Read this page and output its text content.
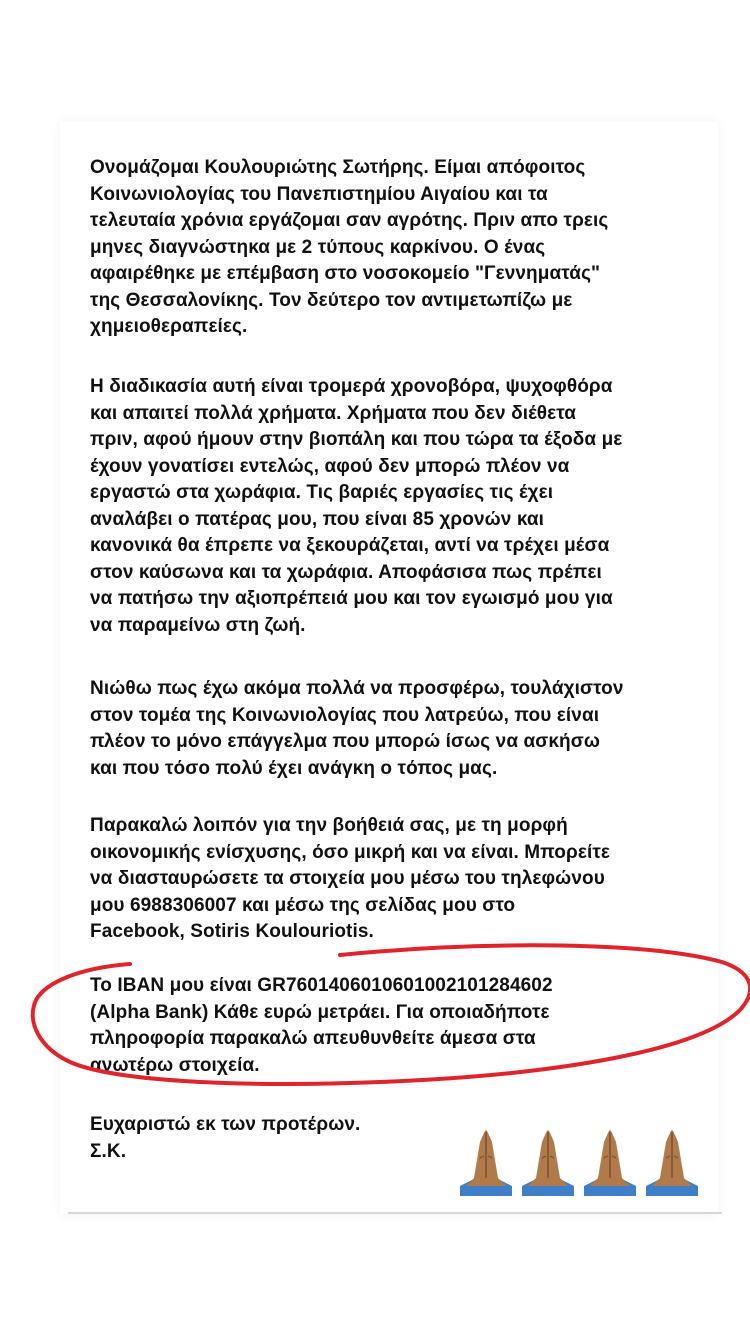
Ονομάζομαι Κουλουριώτης Σωτήρης. Είμαι απόφοιτος
Κοινωνιολογίας του Πανεπιστημίου Αιγαίου και τα
τελευταία χρόνια εργάζομαι σαν αγρότης. Πριν απο τρεις
μηνες διαγνώστηκα με 2 τύπους καρκίνου. Ο ένας
αφαιρέθηκε με επέμβαση στο νοσοκομείο "Γεννηματάς"
της Θεσσαλονίκης. Τον δεύτερο τον αντιμετωπίζω με
χημειοθεραπείες.
Η διαδικασία αυτή είναι τρομερά χρονοβόρα, ψυχοφθόρα
και απαιτεί πολλά χρήματα. Χρήματα που δεν διέθετα
πριν, αφού ήμουν στην βιοπάλη και που τώρα τα έξοδα με
έχουν γονατίσει εντελώς, αφού δεν μπορώ πλέον να
εργαστώ στα χωράφια. Τις βαριές εργασίες τις έχει
αναλάβει ο πατέρας μου, που είναι 85 χρονών και
κανονικά θα έπρεπε να ξεκουράζεται, αντί να τρέχει μέσα
στον καύσωνα και τα χωράφια. Αποφάσισα πως πρέπει
να πατήσω την αξιοπρέπειά μου και τον εγωισμό μου για
να παραμείνω στη ζωή.
Νιώθω πως έχω ακόμα πολλά να προσφέρω, τουλάχιστον
στον τομέα της Κοινωνιολογίας που λατρεύω, που είναι
πλέον το μόνο επάγγελμα που μπορώ ίσως να ασκήσω
και που τόσο πολύ έχει ανάγκη ο τόπος μας.
Παρακαλώ λοιπόν για την βοήθειά σας, με τη μορφή
οικονομικής ενίσχυσης, όσο μικρή και να είναι. Μπορείτε
να διασταυρώσετε τα στοιχεία μου μέσω του τηλεφώνου
μου 6988306007 και μέσω της σελίδας μου στο
Facebook, Sotiris Koulouriotis.
Το IBAN μου είναι GR7601406010601002101284602
(Alpha Bank) Κάθε ευρώ μετράει. Για οποιαδήποτε
πληροφορία παρακαλώ απευθυνθείτε άμεσα στα
ανωτέρω στοιχεία.
Ευχαριστώ εκ των προτέρων.
Σ.Κ.
